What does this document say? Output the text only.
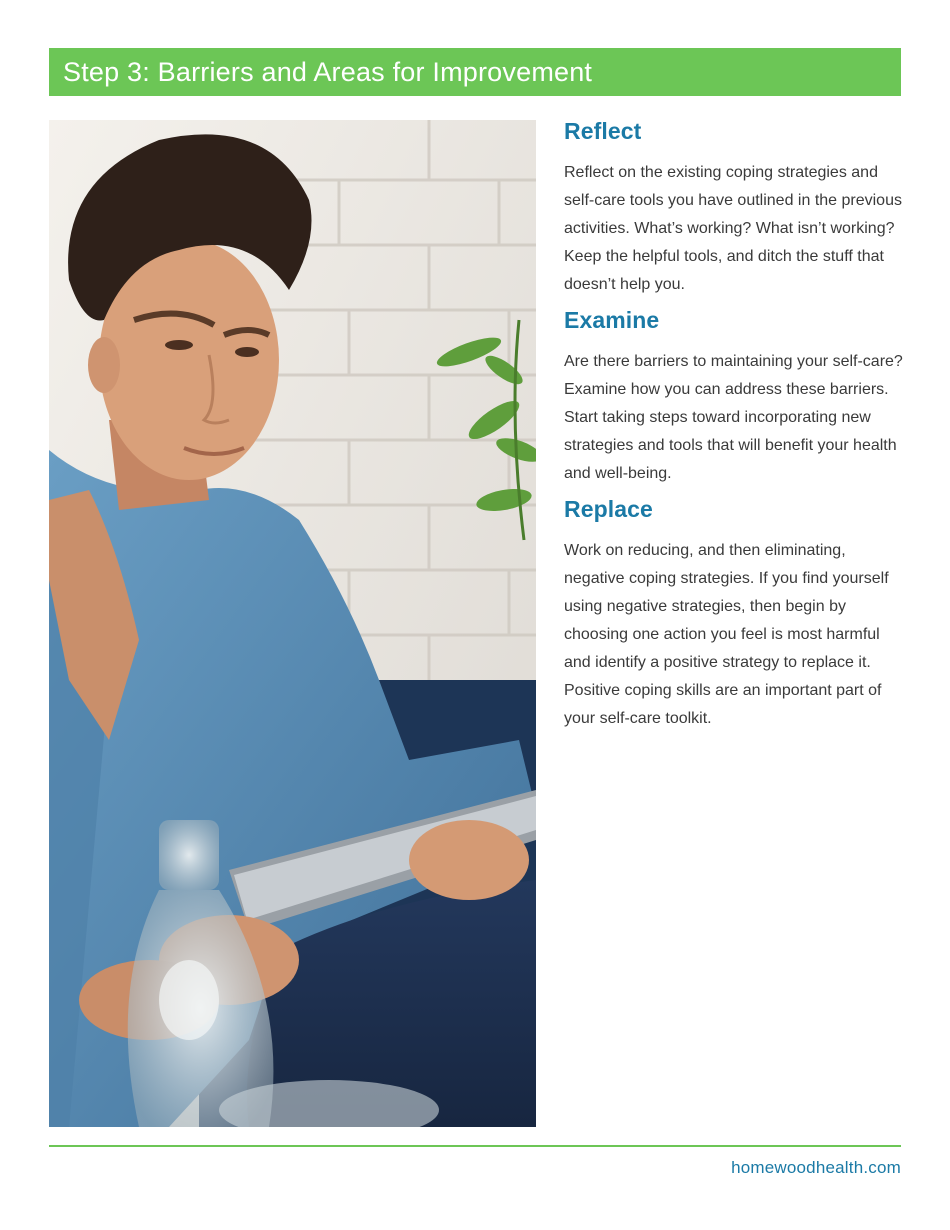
Step 3: Barriers and Areas for Improvement
Reflect

Reflect on the existing coping strategies and self-care tools you have outlined in the previous activities. What’s working? What isn’t working? Keep the helpful tools, and ditch the stuff that doesn’t help you.

Examine

Are there barriers to maintaining your self-care? Examine how you can address these barriers. Start taking steps toward incorporating new strategies and tools that will benefit your health and well-being.

Replace

Work on reducing, and then eliminating, negative coping strategies. If you find yourself using negative strategies, then begin by choosing one action you feel is most harmful and identify a positive strategy to replace it. Positive coping skills are an important part of your self-care toolkit.

homewoodhealth.com
